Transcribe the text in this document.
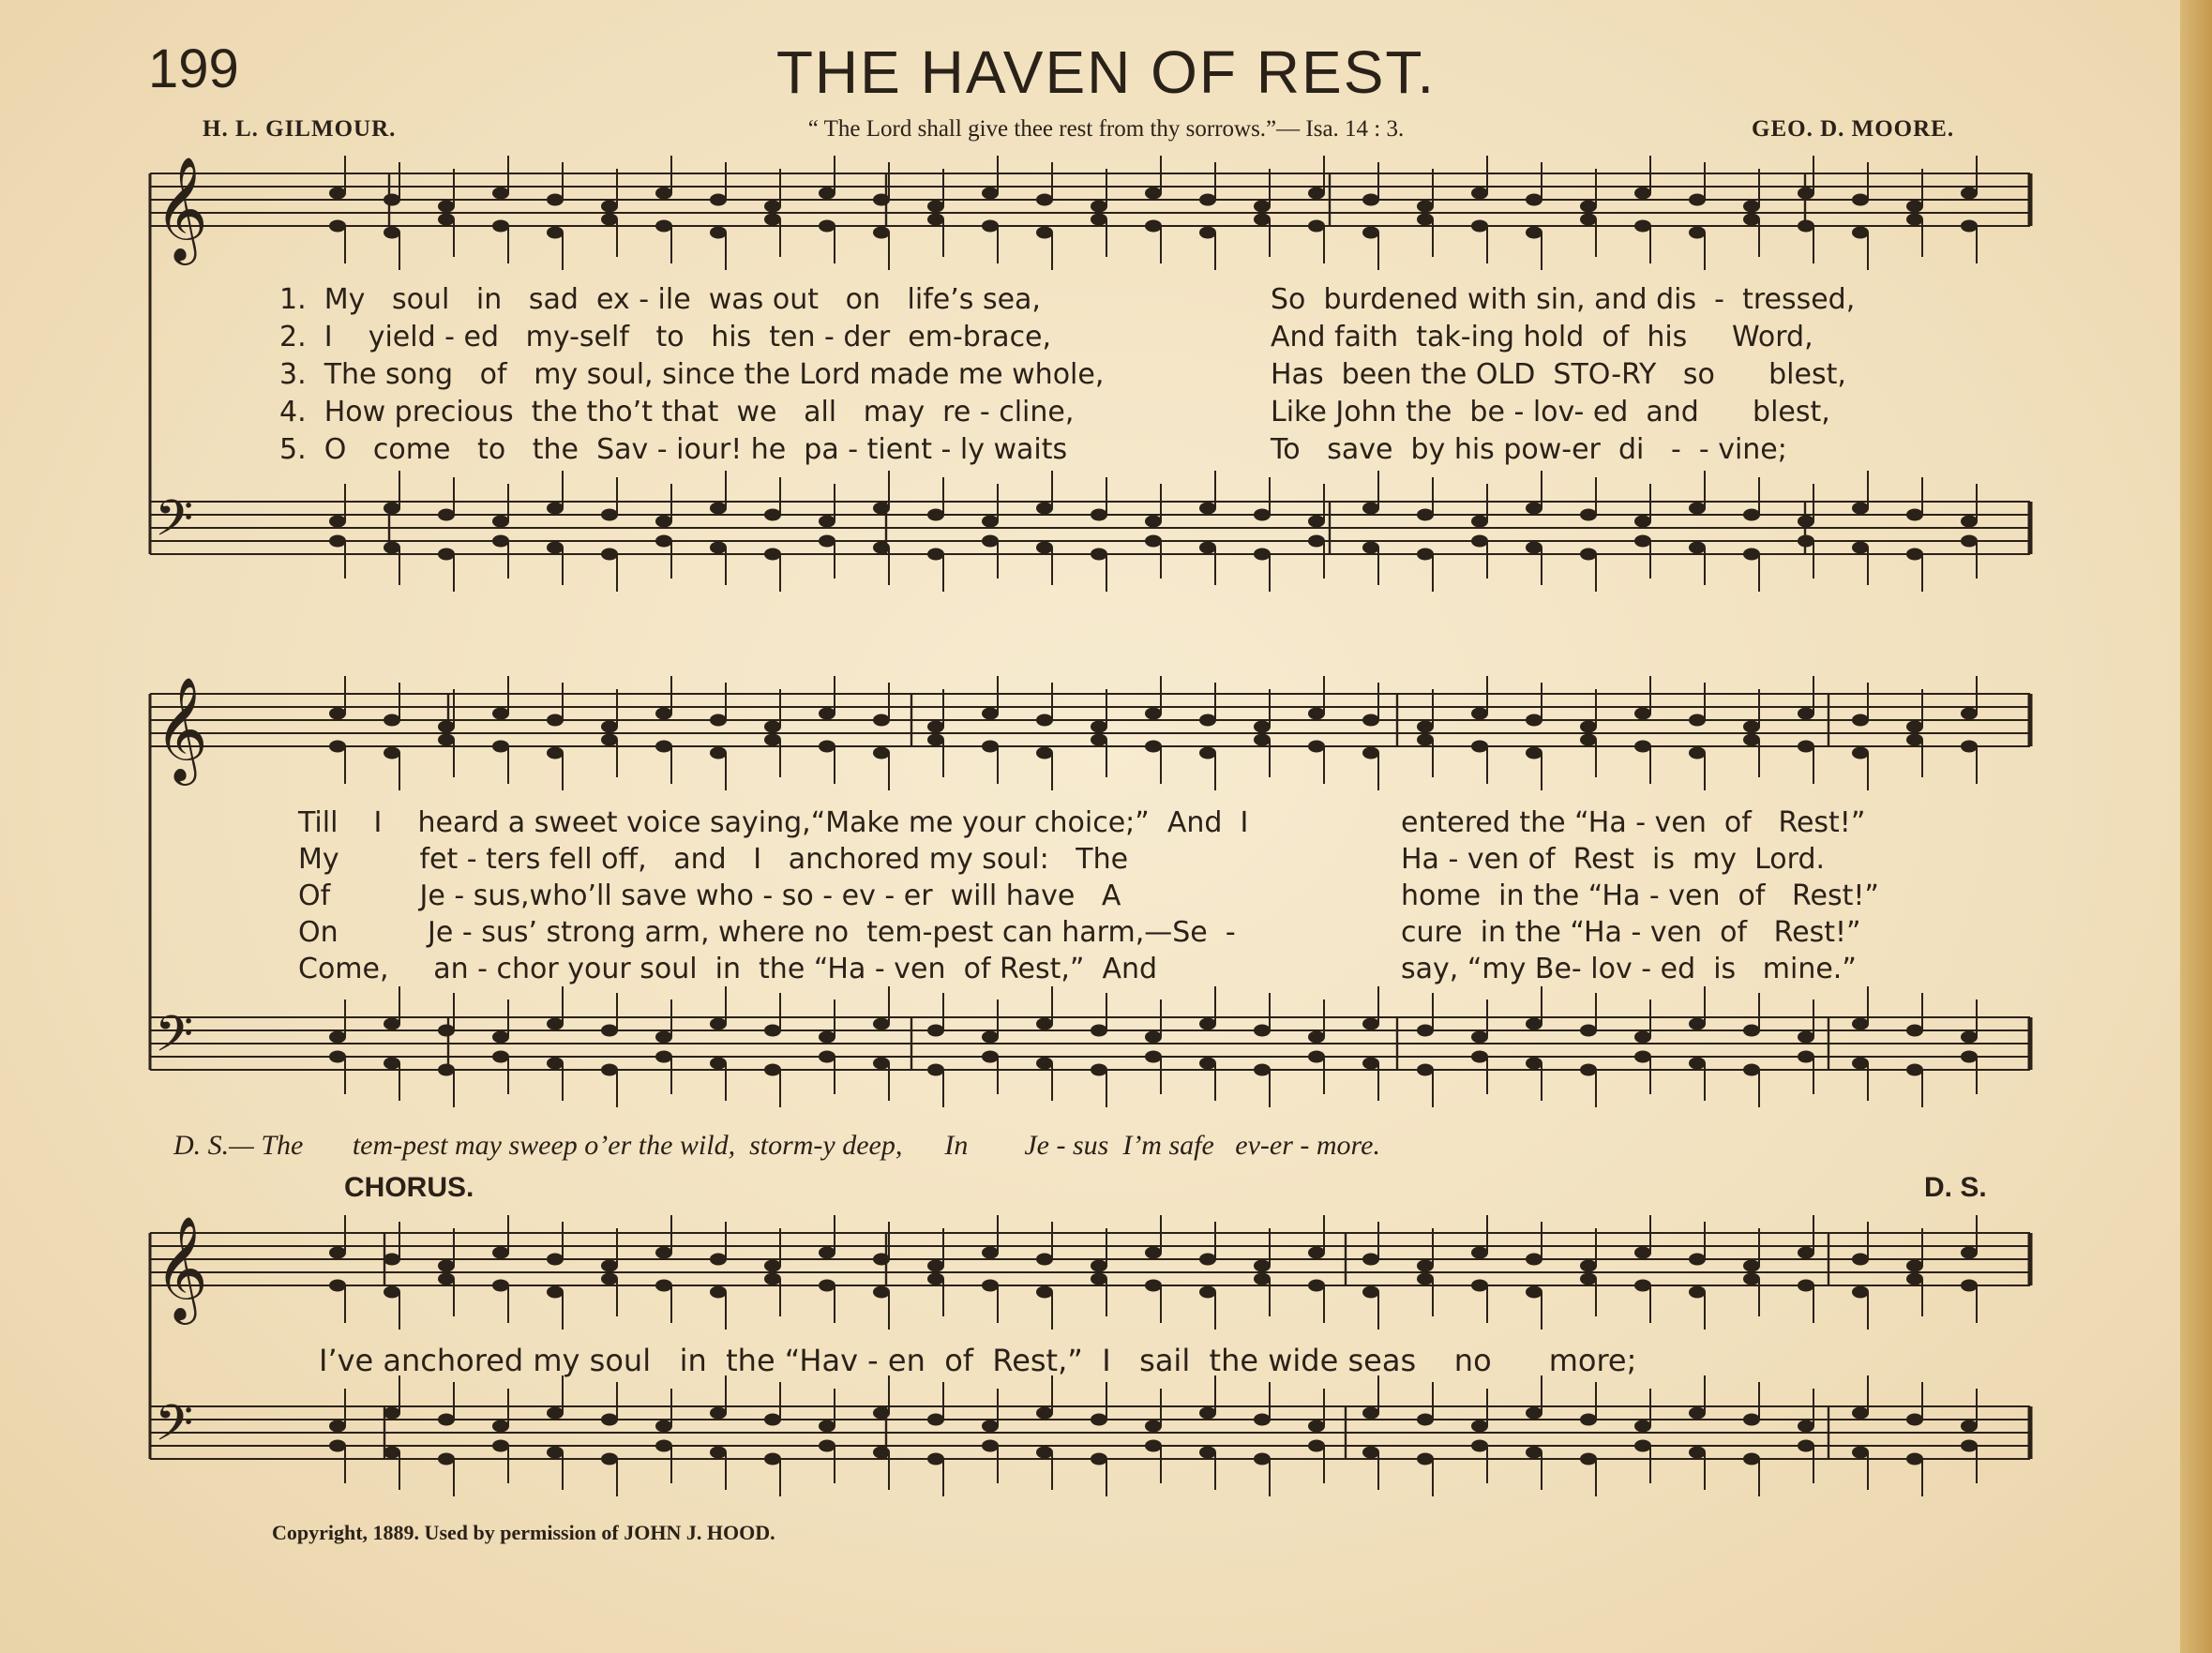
199	THE HAVEN OF REST.
H. L. GILMOUR.	“ The Lord shall give thee rest from thy sorrows.”— Isa. 14 : 3.	GEO. D. MOORE.
𝄞
𝄢
𝄞
𝄢
𝄞
𝄢
1.  My   soul   in   sad  ex - ile  was out   on   life’s sea,
2.  I    yield - ed   my-self   to   his  ten - der  em-brace,
3.  The song   of   my soul, since the Lord made me whole,
4.  How precious  the tho’t that  we   all   may  re - cline,
5.  O   come   to   the  Sav - iour! he  pa - tient - ly waits
So  burdened with sin, and dis  -  tressed,
And faith  tak-ing hold  of  his     Word,
Has  been the OLD  STO-RY   so      blest,
Like John the  be - lov- ed  and      blest,
To   save  by his pow-er  di   -  - vine;
Till    I    heard a sweet voice saying,“Make me your choice;”  And  I
My         fet - ters fell off,   and   I   anchored my soul:   The
Of          Je - sus,who’ll save who - so - ev - er  will have   A
On          Je - sus’ strong arm, where no  tem-pest can harm,—Se  -
Come,     an - chor your soul  in  the “Ha - ven  of Rest,”  And
entered the “Ha - ven  of   Rest!”
Ha - ven of  Rest  is  my  Lord.
home  in the “Ha - ven  of   Rest!”
cure  in the “Ha - ven  of   Rest!”
say, “my Be- lov - ed  is   mine.”
D. S.— The       tem-pest may sweep o’er the wild,  storm-y deep,      In        Je - sus  I’m safe   ev-er - more.
CHORUS.	D. S.
I’ve anchored my soul   in  the “Hav - en  of  Rest,”  I   sail  the wide seas    no      more;
Copyright, 1889. Used by permission of JOHN J. HOOD.
